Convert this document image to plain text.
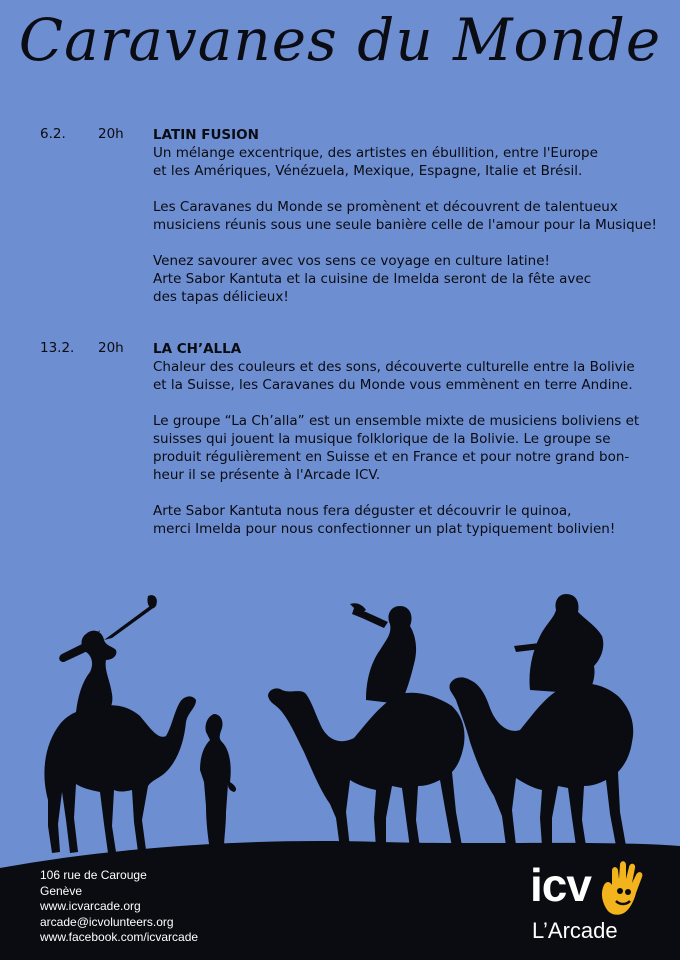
Caravanes du Monde
6.2. 20h LATIN FUSION

Un mélange excentrique, des artistes en ébullition, entre l'Europe
et les Amériques, Vénézuela, Mexique, Espagne, Italie et Brésil.

Les Caravanes du Monde se promènent et découvrent de talentueux
musiciens réunis sous une seule banière celle de l'amour pour la Musique!

Venez savourer avec vos sens ce voyage en culture latine!
Arte Sabor Kantuta et la cuisine de Imelda seront de la fête avec
des tapas délicieux!

13.2. 20h LA CH’ALLA

Chaleur des couleurs et des sons, découverte culturelle entre la Bolivie
et la Suisse, les Caravanes du Monde vous emmènent en terre Andine.

Le groupe “La Ch’alla” est un ensemble mixte de musiciens boliviens et
suisses qui jouent la musique folklorique de la Bolivie. Le groupe se
produit régulièrement en Suisse et en France et pour notre grand bon-
heur il se présente à l'Arcade ICV.

Arte Sabor Kantuta nous fera déguster et découvrir le quinoa,
merci Imelda pour nous confectionner un plat typiquement bolivien!

106 rue de Carouge
Genève
www.icvarcade.org
arcade@icvolunteers.org
www.facebook.com/icvarcade
icv
L’Arcade
